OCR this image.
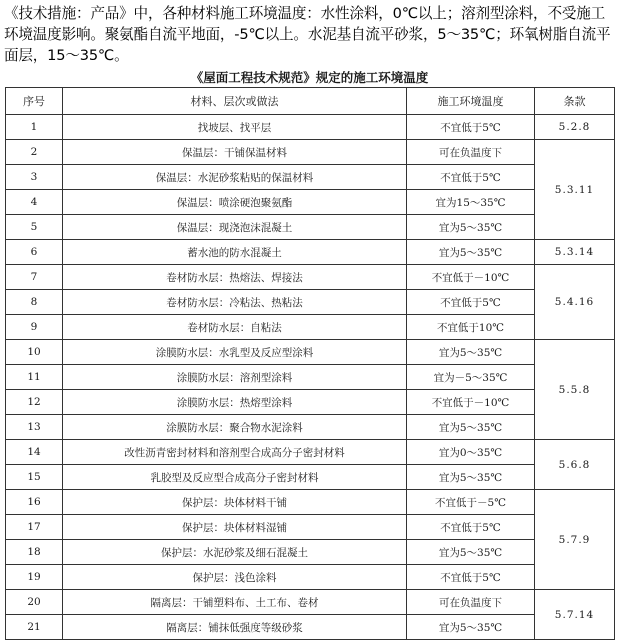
《技术措施：产品》中，各种材料施工环境温度：水性涂料，0℃以上；溶剂型涂料，不受施工环境温度影响。聚氨酯自流平地面，-5℃以上。水泥基自流平砂浆，5～35℃；环氧树脂自流平面层，15～35℃。
《屋面工程技术规范》规定的施工环境温度
序号	材料、层次或做法	施工环境温度	条款
1	找坡层、找平层	不宜低于5℃	5.2.8
2	保温层：干铺保温材料	可在负温度下	5.3.11
3	保温层：水泥砂浆粘贴的保温材料	不宜低于5℃	
4	保温层：喷涂硬泡聚氨酯	宜为15～35℃	
5	保温层：现浇泡沫混凝土	宜为5～35℃	
6	蓄水池的防水混凝土	宜为5～35℃	5.3.14
7	卷材防水层：热熔法、焊接法	不宜低于－10℃	5.4.16
8	卷材防水层：冷粘法、热粘法	不宜低于5℃	
9	卷材防水层：自粘法	不宜低于10℃	
10	涂膜防水层：水乳型及反应型涂料	宜为5～35℃	5.5.8
11	涂膜防水层：溶剂型涂料	宜为－5～35℃	
12	涂膜防水层：热熔型涂料	不宜低于－10℃	
13	涂膜防水层：聚合物水泥涂料	宜为5～35℃	
14	改性沥青密封材料和溶剂型合成高分子密封材料	宜为0～35℃	5.6.8
15	乳胶型及反应型合成高分子密封材料	宜为5～35℃	
16	保护层：块体材料干铺	不宜低于－5℃	5.7.9
17	保护层：块体材料湿铺	不宜低于5℃	
18	保护层：水泥砂浆及细石混凝土	宜为5～35℃	
19	保护层：浅色涂料	不宜低于5℃	
20	隔离层：干铺塑料布、土工布、卷材	可在负温度下	5.7.14
21	隔离层：铺抹低强度等级砂浆	宜为5～35℃	
